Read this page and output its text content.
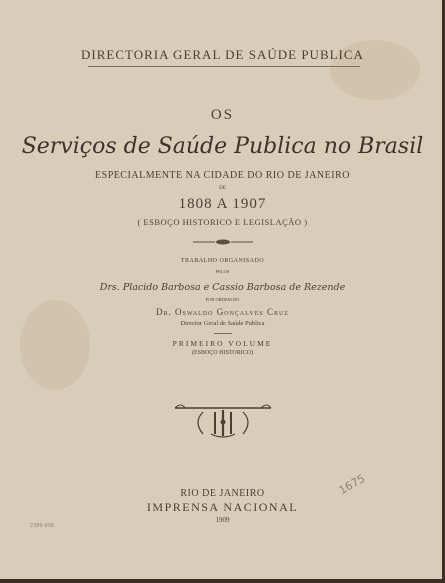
DIRECTORIA GERAL DE SAÚDE PUBLICA
OS
Serviços de Saúde Publica no Brasil
ESPECIALMENTE NA CIDADE DO RIO DE JANEIRO
DE
1808 A 1907
( ESBOÇO HISTORICO E LEGISLAÇÃO )
TRABALHO ORGANISADO
PELOS
Drs. Placido Barbosa e Cassio Barbosa de Rezende
POR ORDEM DO
Dr. Oswaldo Gonçalves Cruz
Director Geral de Saúde Publica
PRIMEIRO VOLUME
(ESBOÇO HISTORICO)
RIO DE JANEIRO
IMPRENSA NACIONAL
1909
2389-908
1675
